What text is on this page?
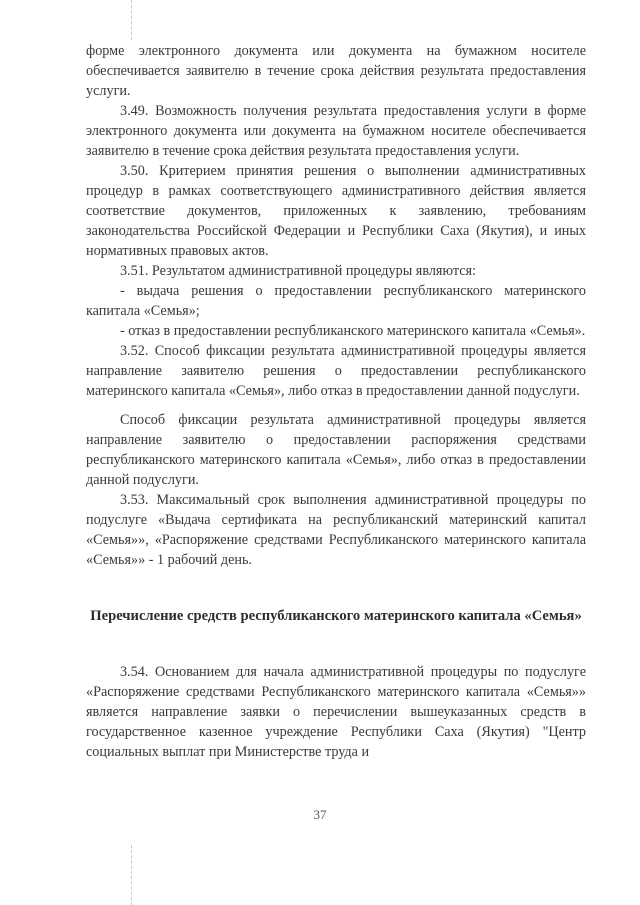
форме электронного документа или документа на бумажном носителе обеспечивается заявителю в течение срока действия результата предоставления услуги.

3.49. Возможность получения результата предоставления услуги в форме электронного документа или документа на бумажном носителе обеспечивается заявителю в течение срока действия результата предоставления услуги.

3.50. Критерием принятия решения о выполнении административных процедур в рамках соответствующего административного действия является соответствие документов, приложенных к заявлению, требованиям законодательства Российской Федерации и Республики Саха (Якутия), и иных нормативных правовых актов.

3.51. Результатом административной процедуры являются:

- выдача решения о предоставлении республиканского материнского капитала «Семья»;

- отказ в предоставлении республиканского материнского капитала «Семья».

3.52. Способ фиксации результата административной процедуры является направление заявителю решения о предоставлении республиканского материнского капитала «Семья», либо отказ в предоставлении данной подуслуги.

Способ фиксации результата административной процедуры является направление заявителю о предоставлении распоряжения средствами республиканского материнского капитала «Семья», либо отказ в предоставлении данной подуслуги.

3.53. Максимальный срок выполнения административной процедуры по подуслуге «Выдача сертификата на республиканский материнский капитал «Семья»», «Распоряжение средствами Республиканского материнского капитала «Семья»» - 1 рабочий день.

Перечисление средств республиканского материнского капитала «Семья»

3.54. Основанием для начала административной процедуры по подуслуге «Распоряжение средствами Республиканского материнского капитала «Семья»» является направление заявки о перечислении вышеуказанных средств в государственное казенное учреждение Республики Саха (Якутия) "Центр социальных выплат при Министерстве труда и

37
